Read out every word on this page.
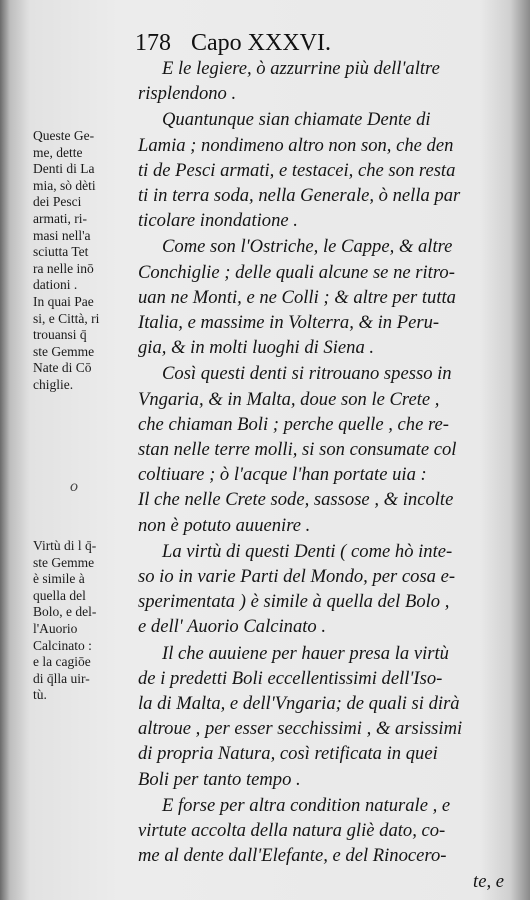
178 Capo XXXVI.
Queste Ge-
me, dette
Denti di La
mia, sò dèti
dei Pesci
armati, ri-
masi nell'a
sciutta Tet
ra nelle inō
dationi .
In quai Pae
si, e Città, ri
trouansi q̄
ste Gemme
Nate di Cō
chiglie.
o
Virtù di l q̄-
ste Gemme
è simile à
quella del
Bolo, e del-
l'Auorio
Calcinato :
e la cagiōe
di q̄lla uir-
tù.
E le legiere, ò azzurrine più dell'altre
risplendono .
Quantunque sian chiamate Dente di
Lamia ; nondimeno altro non son, che den
ti de Pesci armati, e testacei, che son resta
ti in terra soda, nella Generale, ò nella par
ticolare inondatione .
Come son l'Ostriche, le Cappe, & altre
Conchiglie ; delle quali alcune se ne ritro-
uan ne Monti, e ne Colli ; & altre per tutta
Italia, e massime in Volterra, & in Peru-
gia, & in molti luoghi di Siena .
Così questi denti si ritrouano spesso in
Vngaria, & in Malta, doue son le Crete ,
che chiaman Boli ; perche quelle , che re-
stan nelle terre molli, si son consumate col
coltiuare ; ò l'acque l'han portate uia :
Il che nelle Crete sode, sassose , & incolte
non è potuto auuenire .
La virtù di questi Denti ( come hò inte-
so io in varie Parti del Mondo, per cosa e-
sperimentata ) è simile à quella del Bolo ,
e dell' Auorio Calcinato .
Il che auuiene per hauer presa la virtù
de i predetti Boli eccellentissimi dell'Iso-
la di Malta, e dell'Vngaria; de quali si dirà
altroue , per esser secchissimi , & arsissimi
di propria Natura, così retificata in quei
Boli per tanto tempo .
E forse per altra condition naturale , e
virtute accolta della natura gliè dato, co-
me al dente dall'Elefante, e del Rinocero-
te, e
